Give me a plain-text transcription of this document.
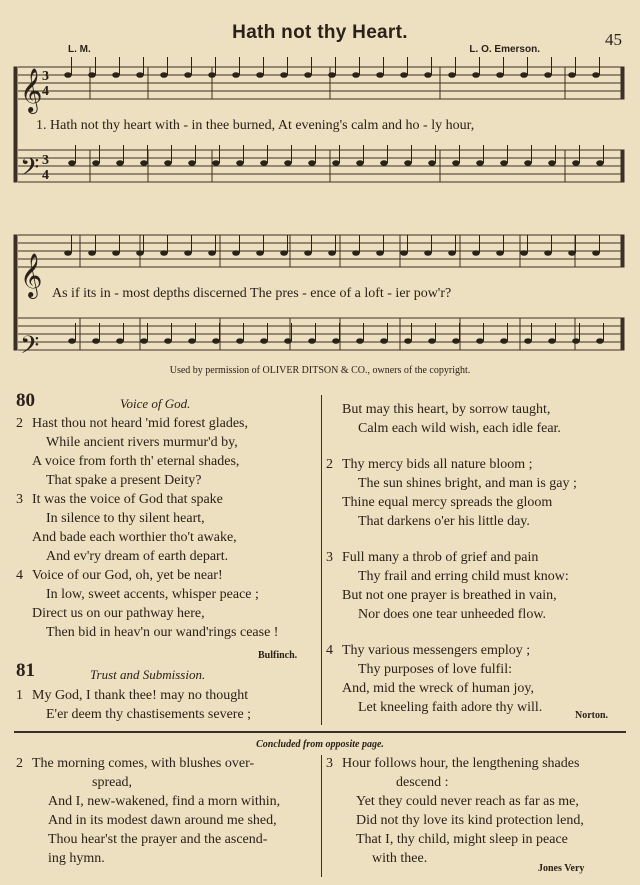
Hath not thy Heart.	45
L. M.	L. O. Emerson.
𝄞
𝄞
𝄢
𝄢
3
4
3
4
1. Hath not thy heart with - in thee burned, At evening's calm and ho - ly hour,
As if its in - most depths discerned The pres - ence of a loft - ier pow'r?
Used by permission of OLIVER DITSON & CO., owners of the copyright.
80	Voice of God.
2 Hast thou not heard 'mid forest glades,
While ancient rivers murmur'd by,
A voice from forth th' eternal shades,
That spake a present Deity?
3 It was the voice of God that spake
In silence to thy silent heart,
And bade each worthier tho't awake,
And ev'ry dream of earth depart.
4 Voice of our God, oh, yet be near!
In low, sweet accents, whisper peace ;
Direct us on our pathway here,
Then bid in heav'n our wand'rings cease !
Bulfinch.
81	Trust and Submission.
1 My God, I thank thee! may no thought
E'er deem thy chastisements severe ;
But may this heart, by sorrow taught,
Calm each wild wish, each idle fear.
2 Thy mercy bids all nature bloom ;
The sun shines bright, and man is gay ;
Thine equal mercy spreads the gloom
That darkens o'er his little day.
3 Full many a throb of grief and pain
Thy frail and erring child must know:
But not one prayer is breathed in vain,
Nor does one tear unheeded flow.
4 Thy various messengers employ ;
Thy purposes of love fulfil:
And, mid the wreck of human joy,
Let kneeling faith adore thy will.
Norton.
Concluded from opposite page.
2 The morning comes, with blushes over-
spread,
And I, new-wakened, find a morn within,
And in its modest dawn around me shed,
Thou hear'st the prayer and the ascend-
ing hymn.
3 Hour follows hour, the lengthening shades
descend :
Yet they could never reach as far as me,
Did not thy love its kind protection lend,
That I, thy child, might sleep in peace
with thee.
Jones Very
